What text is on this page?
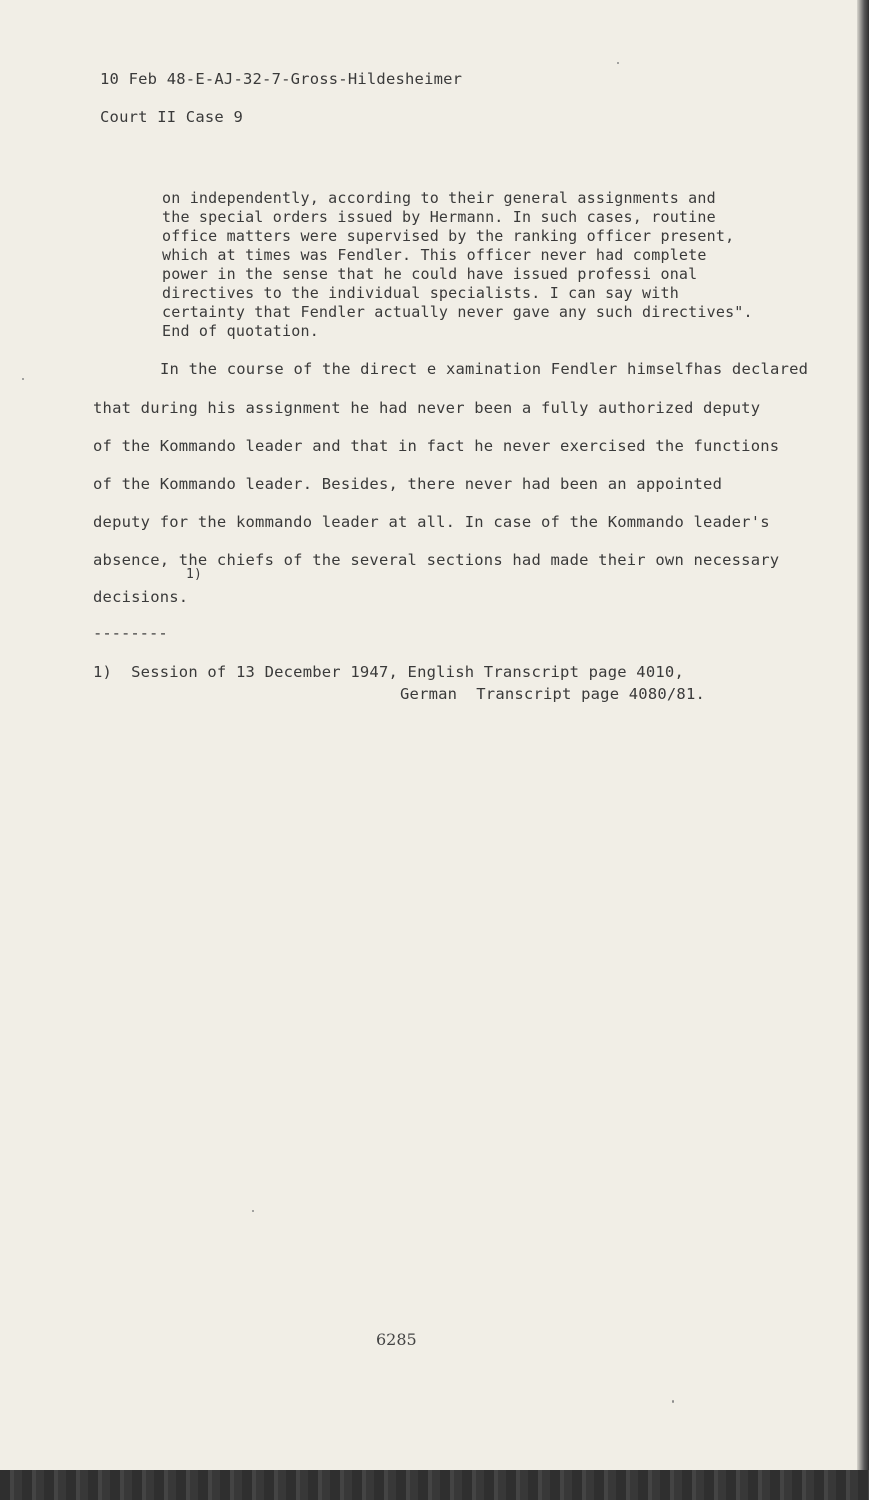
10 Feb 48-E-AJ-32-7-Gross-Hildesheimer
Court II Case 9
on independently, according to their general assignments and
the special orders issued by Hermann. In such cases, routine
office matters were supervised by the ranking officer present,
which at times was Fendler. This officer never had complete
power in the sense that he could have issued professi onal
directives to the individual specialists. I can say with
certainty that Fendler actually never gave any such directives".
End of quotation.
In the course of the direct e xamination Fendler himselfhas declared
that during his assignment he had never been a fully authorized deputy
of the Kommando leader and that in fact he never exercised the functions
of the Kommando leader. Besides, there never had been an appointed
deputy for the kommando leader at all. In case of the Kommando leader's
absence, the chiefs of the several sections had made their own necessary
1)
decisions.
--------
1)  Session of 13 December 1947, English Transcript page 4010,
German  Transcript page 4080/81.
6285
